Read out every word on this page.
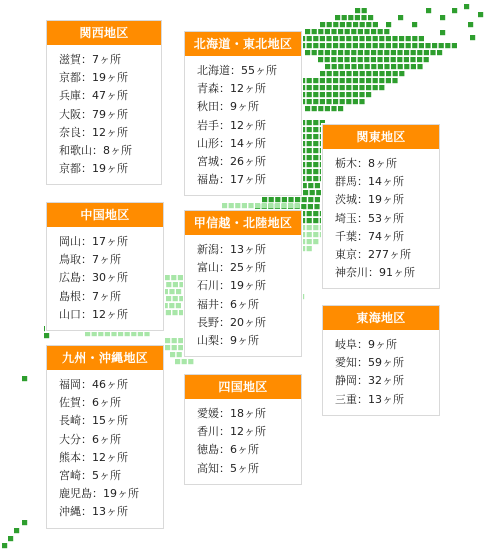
関西地区
滋賀：7ヶ所
京都：19ヶ所
兵庫：47ヶ所
大阪：79ヶ所
奈良：12ヶ所
和歌山：8ヶ所
京都：19ヶ所
北海道・東北地区
北海道：55ヶ所
青森：12ヶ所
秋田：9ヶ所
岩手：12ヶ所
山形：14ヶ所
宮城：26ヶ所
福島：17ヶ所
関東地区
栃木：8ヶ所
群馬：14ヶ所
茨城：19ヶ所
埼玉：53ヶ所
千葉：74ヶ所
東京：277ヶ所
神奈川：91ヶ所
中国地区
岡山：17ヶ所
鳥取：7ヶ所
広島：30ヶ所
島根：7ヶ所
山口：12ヶ所
甲信越・北陸地区
新潟：13ヶ所
富山：25ヶ所
石川：19ヶ所
福井：6ヶ所
長野：20ヶ所
山梨：9ヶ所
東海地区
岐阜：9ヶ所
愛知：59ヶ所
静岡：32ヶ所
三重：13ヶ所
九州・沖縄地区
福岡：46ヶ所
佐賀：6ヶ所
長崎：15ヶ所
大分：6ヶ所
熊本：12ヶ所
宮崎：5ヶ所
鹿児島：19ヶ所
沖縄：13ヶ所
四国地区
愛媛：18ヶ所
香川：12ヶ所
徳島：6ヶ所
高知：5ヶ所
